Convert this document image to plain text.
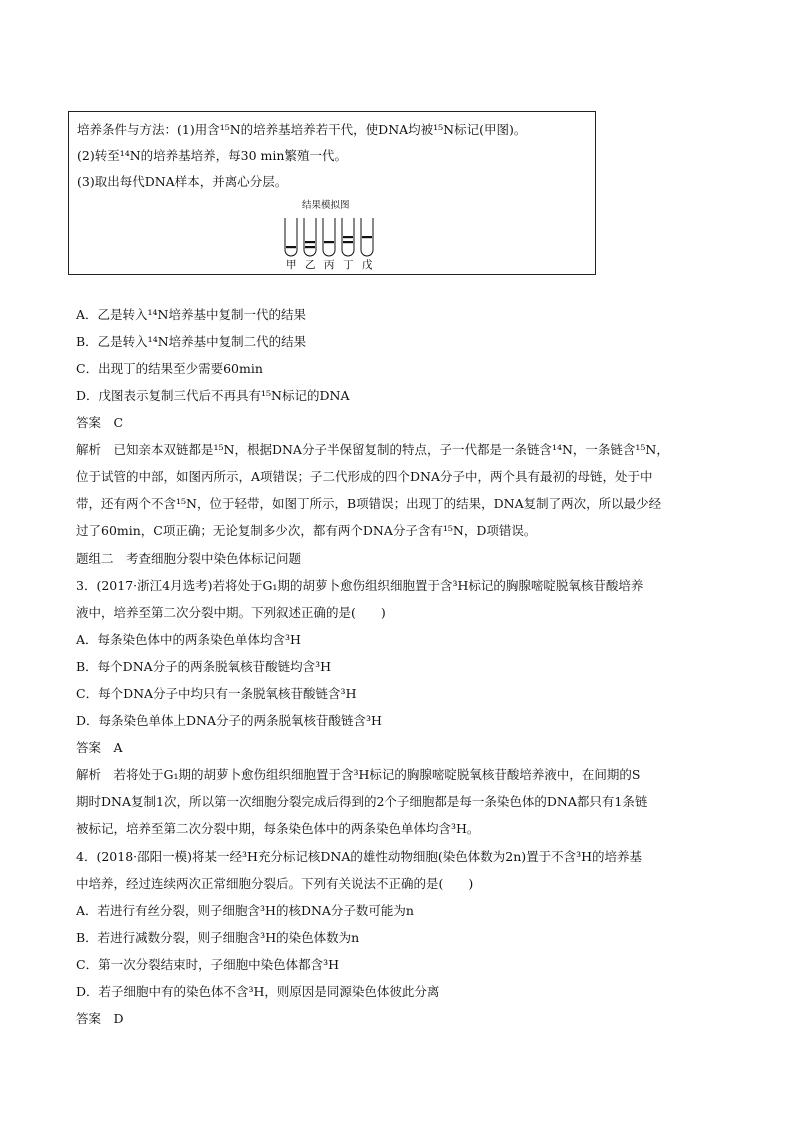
培养条件与方法：(1)用含¹⁵N的培养基培养若干代，使DNA均被¹⁵N标记(甲图)。
(2)转至¹⁴N的培养基培养，每30 min繁殖一代。
(3)取出每代DNA样本，并离心分层。
结果模拟图
甲 乙 丙 丁 戊
A．乙是转入¹⁴N培养基中复制一代的结果
B．乙是转入¹⁴N培养基中复制二代的结果
C．出现丁的结果至少需要60min
D．戊图表示复制三代后不再具有¹⁵N标记的DNA
答案　C
解析　已知亲本双链都是¹⁵N，根据DNA分子半保留复制的特点，子一代都是一条链含¹⁴N，一条链含¹⁵N，
位于试管的中部，如图丙所示，A项错误；子二代形成的四个DNA分子中，两个具有最初的母链，处于中
带，还有两个不含¹⁵N，位于轻带，如图丁所示，B项错误；出现丁的结果，DNA复制了两次，所以最少经
过了60min，C项正确；无论复制多少次，都有两个DNA分子含有¹⁵N，D项错误。
题组二　考查细胞分裂中染色体标记问题
3．(2017·浙江4月选考)若将处于G₁期的胡萝卜愈伤组织细胞置于含³H标记的胸腺嘧啶脱氧核苷酸培养
液中，培养至第二次分裂中期。下列叙述正确的是(　　)
A．每条染色体中的两条染色单体均含³H
B．每个DNA分子的两条脱氧核苷酸链均含³H
C．每个DNA分子中均只有一条脱氧核苷酸链含³H
D．每条染色单体上DNA分子的两条脱氧核苷酸链含³H
答案　A
解析　若将处于G₁期的胡萝卜愈伤组织细胞置于含³H标记的胸腺嘧啶脱氧核苷酸培养液中，在间期的S
期时DNA复制1次，所以第一次细胞分裂完成后得到的2个子细胞都是每一条染色体的DNA都只有1条链
被标记，培养至第二次分裂中期，每条染色体中的两条染色单体均含³H。
4．(2018·邵阳一模)将某一经³H充分标记核DNA的雄性动物细胞(染色体数为2n)置于不含³H的培养基
中培养，经过连续两次正常细胞分裂后。下列有关说法不正确的是(　　)
A．若进行有丝分裂，则子细胞含³H的核DNA分子数可能为n
B．若进行减数分裂，则子细胞含³H的染色体数为n
C．第一次分裂结束时，子细胞中染色体都含³H
D．若子细胞中有的染色体不含³H，则原因是同源染色体彼此分离
答案　D
